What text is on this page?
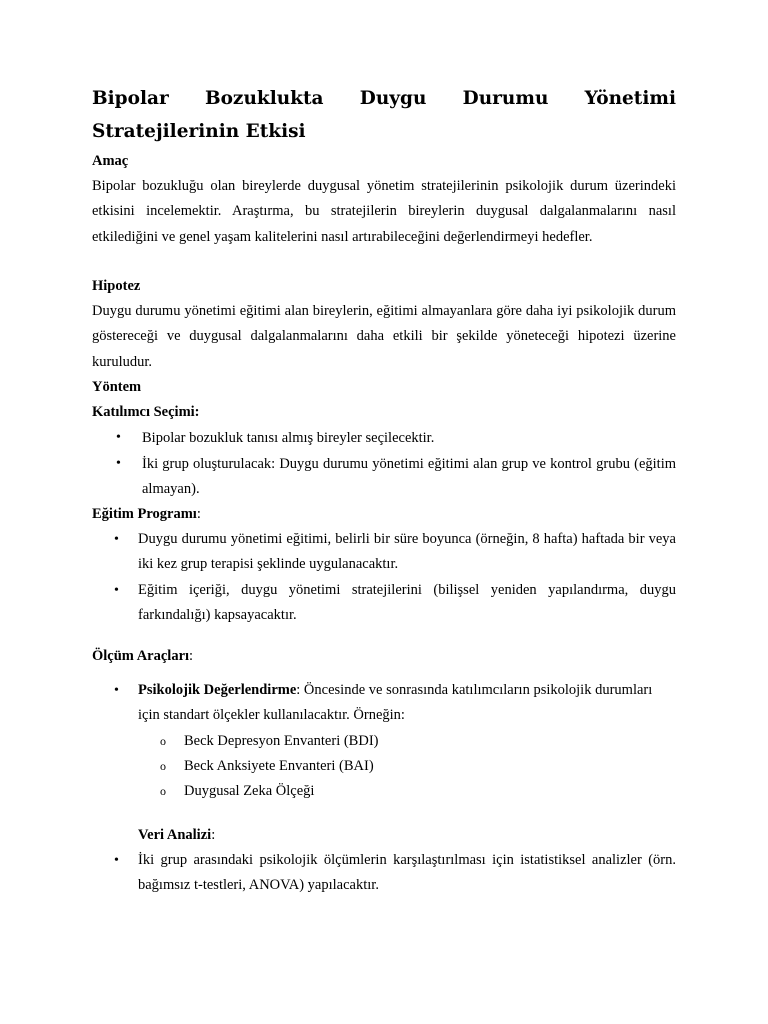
Bipolar Bozuklukta Duygu Durumu Yönetimi Stratejilerinin Etkisi
Amaç

Bipolar bozukluğu olan bireylerde duygusal yönetim stratejilerinin psikolojik durum üzerindeki etkisini incelemektir. Araştırma, bu stratejilerin bireylerin duygusal dalgalanmalarını nasıl etkilediğini ve genel yaşam kalitelerini nasıl artırabileceğini değerlendirmeyi hedefler.

Hipotez

Duygu durumu yönetimi eğitimi alan bireylerin, eğitimi almayanlara göre daha iyi psikolojik durum göstereceği ve duygusal dalgalanmalarını daha etkili bir şekilde yöneteceği hipotezi üzerine kuruludur.

Yöntem
Katılımcı Seçimi:
• Bipolar bozukluk tanısı almış bireyler seçilecektir.

• İki grup oluşturulacak: Duygu durumu yönetimi eğitimi alan grup ve kontrol grubu (eğitim almayan).

Eğitim Programı:
• Duygu durumu yönetimi eğitimi, belirli bir süre boyunca (örneğin, 8 hafta) haftada bir veya iki kez grup terapisi şeklinde uygulanacaktır.

• Eğitim içeriği, duygu yönetimi stratejilerini (bilişsel yeniden yapılandırma, duygu farkındalığı) kapsayacaktır.

Ölçüm Araçları:
• Psikolojik Değerlendirme: Öncesinde ve sonrasında katılımcıların psikolojik durumları için standart ölçekler kullanılacaktır. Örneğin:

o Beck Depresyon Envanteri (BDI)
o Beck Anksiyete Envanteri (BAI)
o Duygusal Zeka Ölçeği
Veri Analizi:
• İki grup arasındaki psikolojik ölçümlerin karşılaştırılması için istatistiksel analizler (örn. bağımsız t-testleri, ANOVA) yapılacaktır.
